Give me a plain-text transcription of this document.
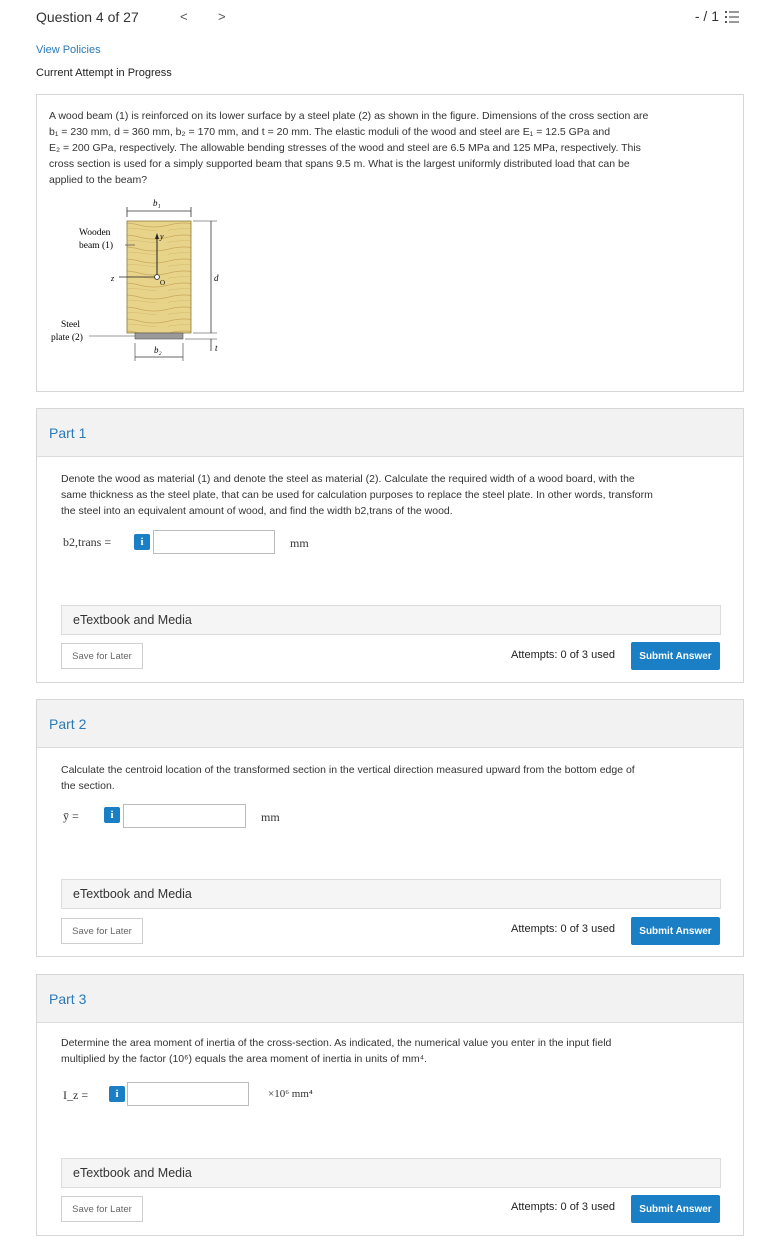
Question 4 of 27	< >	- / 1
View Policies
Current Attempt in Progress
A wood beam (1) is reinforced on its lower surface by a steel plate (2) as shown in the figure. Dimensions of the cross section are
b₁ = 230 mm, d = 360 mm, b₂ = 170 mm, and t = 20 mm. The elastic moduli of the wood and steel are E₁ = 12.5 GPa and
E₂ = 200 GPa, respectively. The allowable bending stresses of the wood and steel are 6.5 MPa and 125 MPa, respectively. This
cross section is used for a simply supported beam that spans 9.5 m. What is the largest uniformly distributed load that can be
applied to the beam?
b₁
y
z	O
Wooden
beam (1)
Steel
plate (2)
b₂
d
t
Part 1
Denote the wood as material (1) and denote the steel as material (2). Calculate the required width of a wood board, with the
same thickness as the steel plate, that can be used for calculation purposes to replace the steel plate. In other words, transform
the steel into an equivalent amount of wood, and find the width b2,trans of the wood.
b2,trans =	i	mm
eTextbook and Media
Save for Later	Attempts: 0 of 3 used	Submit Answer
Part 2
Calculate the centroid location of the transformed section in the vertical direction measured upward from the bottom edge of
the section.
ȳ =	i	mm
eTextbook and Media
Save for Later	Attempts: 0 of 3 used	Submit Answer
Part 3
Determine the area moment of inertia of the cross-section. As indicated, the numerical value you enter in the input field
multiplied by the factor (10⁶) equals the area moment of inertia in units of mm⁴.
I_z =	i	×10⁶ mm⁴
eTextbook and Media
Save for Later	Attempts: 0 of 3 used	Submit Answer
